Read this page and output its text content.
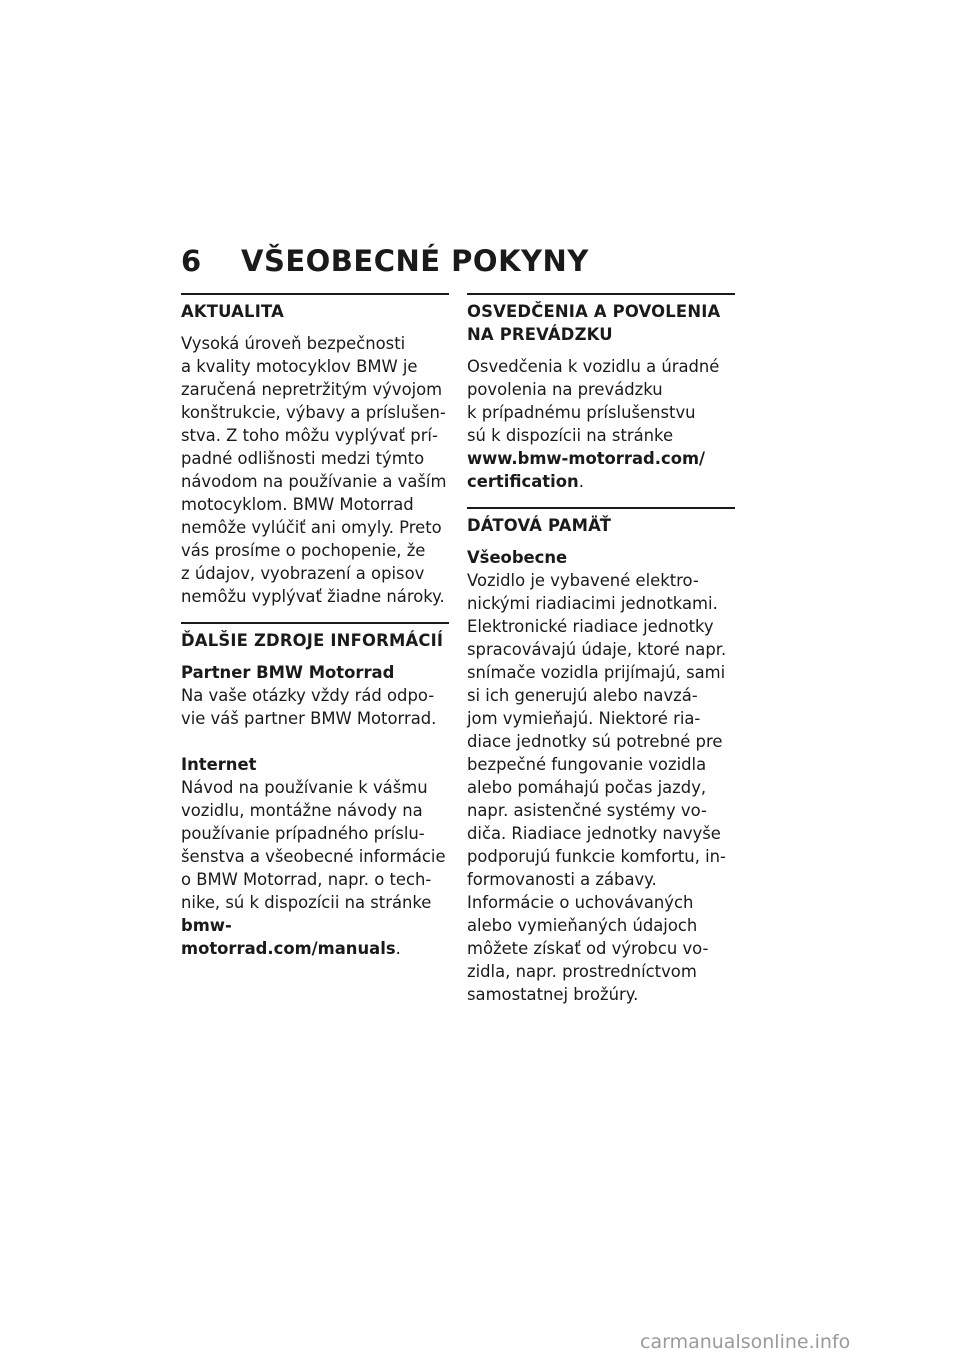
6 VŠEOBECNÉ POKYNY
AKTUALITA
Vysoká úroveň bezpečnosti
a kvality motocyklov BMW je
zaručená nepretržitým vývojom
konštrukcie, výbavy a príslušen-
stva. Z toho môžu vyplývať prí-
padné odlišnosti medzi týmto
návodom na používanie a vaším
motocyklom. BMW Motorrad
nemôže vylúčiť ani omyly. Preto
vás prosíme o pochopenie, že
z údajov, vyobrazení a opisov
nemôžu vyplývať žiadne nároky.
ĎALŠIE ZDROJE INFORMÁCIÍ
Partner BMW Motorrad
Na vaše otázky vždy rád odpo-
vie váš partner BMW Motorrad.
Internet
Návod na používanie k vášmu
vozidlu, montážne návody na
používanie prípadného príslu-
šenstva a všeobecné informácie
o BMW Motorrad, napr. o tech-
nike, sú k dispozícii na stránke
bmw-motorrad.com/manuals.
OSVEDČENIA A POVOLENIA
NA PREVÁDZKU
Osvedčenia k vozidlu a úradné
povolenia na prevádzku
k prípadnému príslušenstvu
sú k dispozícii na stránke
www.bmw-motorrad.com/
certification.
DÁTOVÁ PAMÄŤ
Všeobecne
Vozidlo je vybavené elektro-
nickými riadiacimi jednotkami.
Elektronické riadiace jednotky
spracovávajú údaje, ktoré napr.
snímače vozidla prijímajú, sami
si ich generujú alebo navzá-
jom vymieňajú. Niektoré ria-
diace jednotky sú potrebné pre
bezpečné fungovanie vozidla
alebo pomáhajú počas jazdy,
napr. asistenčné systémy vo-
diča. Riadiace jednotky navyše
podporujú funkcie komfortu, in-
formovanosti a zábavy.
Informácie o uchovávaných
alebo vymieňaných údajoch
môžete získať od výrobcu vo-
zidla, napr. prostredníctvom
samostatnej brožúry.
carmanualsonline.info
